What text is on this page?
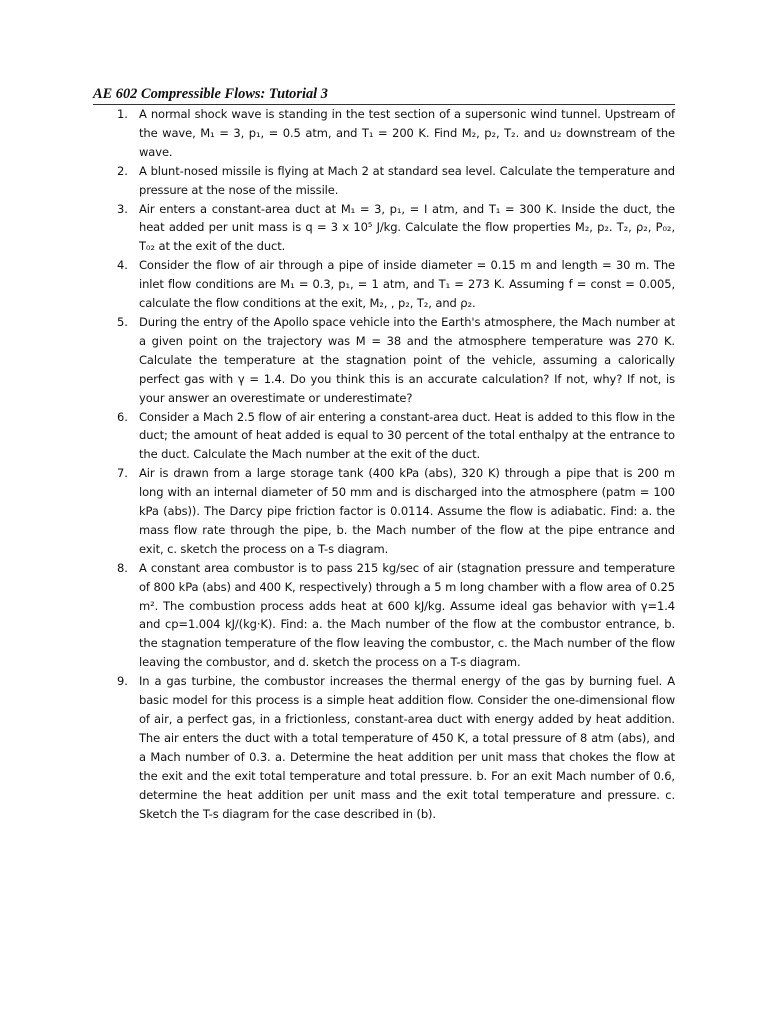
AE 602 Compressible Flows: Tutorial 3
1. A normal shock wave is standing in the test section of a supersonic wind tunnel. Upstream of the wave, M₁ = 3, p₁, = 0.5 atm, and T₁ = 200 K. Find M₂, p₂, T₂. and u₂ downstream of the wave.
2. A blunt-nosed missile is flying at Mach 2 at standard sea level. Calculate the temperature and pressure at the nose of the missile.
3. Air enters a constant-area duct at M₁ = 3, p₁, = I atm, and T₁ = 300 K. Inside the duct, the heat added per unit mass is q = 3 x 10⁵ J/kg. Calculate the flow properties M₂, p₂. T₂, ρ₂, P₀₂, T₀₂ at the exit of the duct.
4. Consider the flow of air through a pipe of inside diameter = 0.15 m and length = 30 m. The inlet flow conditions are M₁ = 0.3, p₁, = 1 atm, and T₁ = 273 K. Assuming f = const = 0.005, calculate the flow conditions at the exit, M₂, , p₂, T₂, and ρ₂.
5. During the entry of the Apollo space vehicle into the Earth's atmosphere, the Mach number at a given point on the trajectory was M = 38 and the atmosphere temperature was 270 K. Calculate the temperature at the stagnation point of the vehicle, assuming a calorically perfect gas with γ = 1.4. Do you think this is an accurate calculation? If not, why? If not, is your answer an overestimate or underestimate?
6. Consider a Mach 2.5 flow of air entering a constant-area duct. Heat is added to this flow in the duct; the amount of heat added is equal to 30 percent of the total enthalpy at the entrance to the duct. Calculate the Mach number at the exit of the duct.
7. Air is drawn from a large storage tank (400 kPa (abs), 320 K) through a pipe that is 200 m long with an internal diameter of 50 mm and is discharged into the atmosphere (patm = 100 kPa (abs)). The Darcy pipe friction factor is 0.0114. Assume the flow is adiabatic. Find: a. the mass flow rate through the pipe, b. the Mach number of the flow at the pipe entrance and exit, c. sketch the process on a T-s diagram.
8. A constant area combustor is to pass 215 kg/sec of air (stagnation pressure and temperature of 800 kPa (abs) and 400 K, respectively) through a 5 m long chamber with a flow area of 0.25 m². The combustion process adds heat at 600 kJ/kg. Assume ideal gas behavior with γ=1.4 and cp=1.004 kJ/(kg·K). Find: a. the Mach number of the flow at the combustor entrance, b. the stagnation temperature of the flow leaving the combustor, c. the Mach number of the flow leaving the combustor, and d. sketch the process on a T-s diagram.
9. In a gas turbine, the combustor increases the thermal energy of the gas by burning fuel. A basic model for this process is a simple heat addition flow. Consider the one-dimensional flow of air, a perfect gas, in a frictionless, constant-area duct with energy added by heat addition. The air enters the duct with a total temperature of 450 K, a total pressure of 8 atm (abs), and a Mach number of 0.3. a. Determine the heat addition per unit mass that chokes the flow at the exit and the exit total temperature and total pressure. b. For an exit Mach number of 0.6, determine the heat addition per unit mass and the exit total temperature and pressure. c. Sketch the T-s diagram for the case described in (b).
